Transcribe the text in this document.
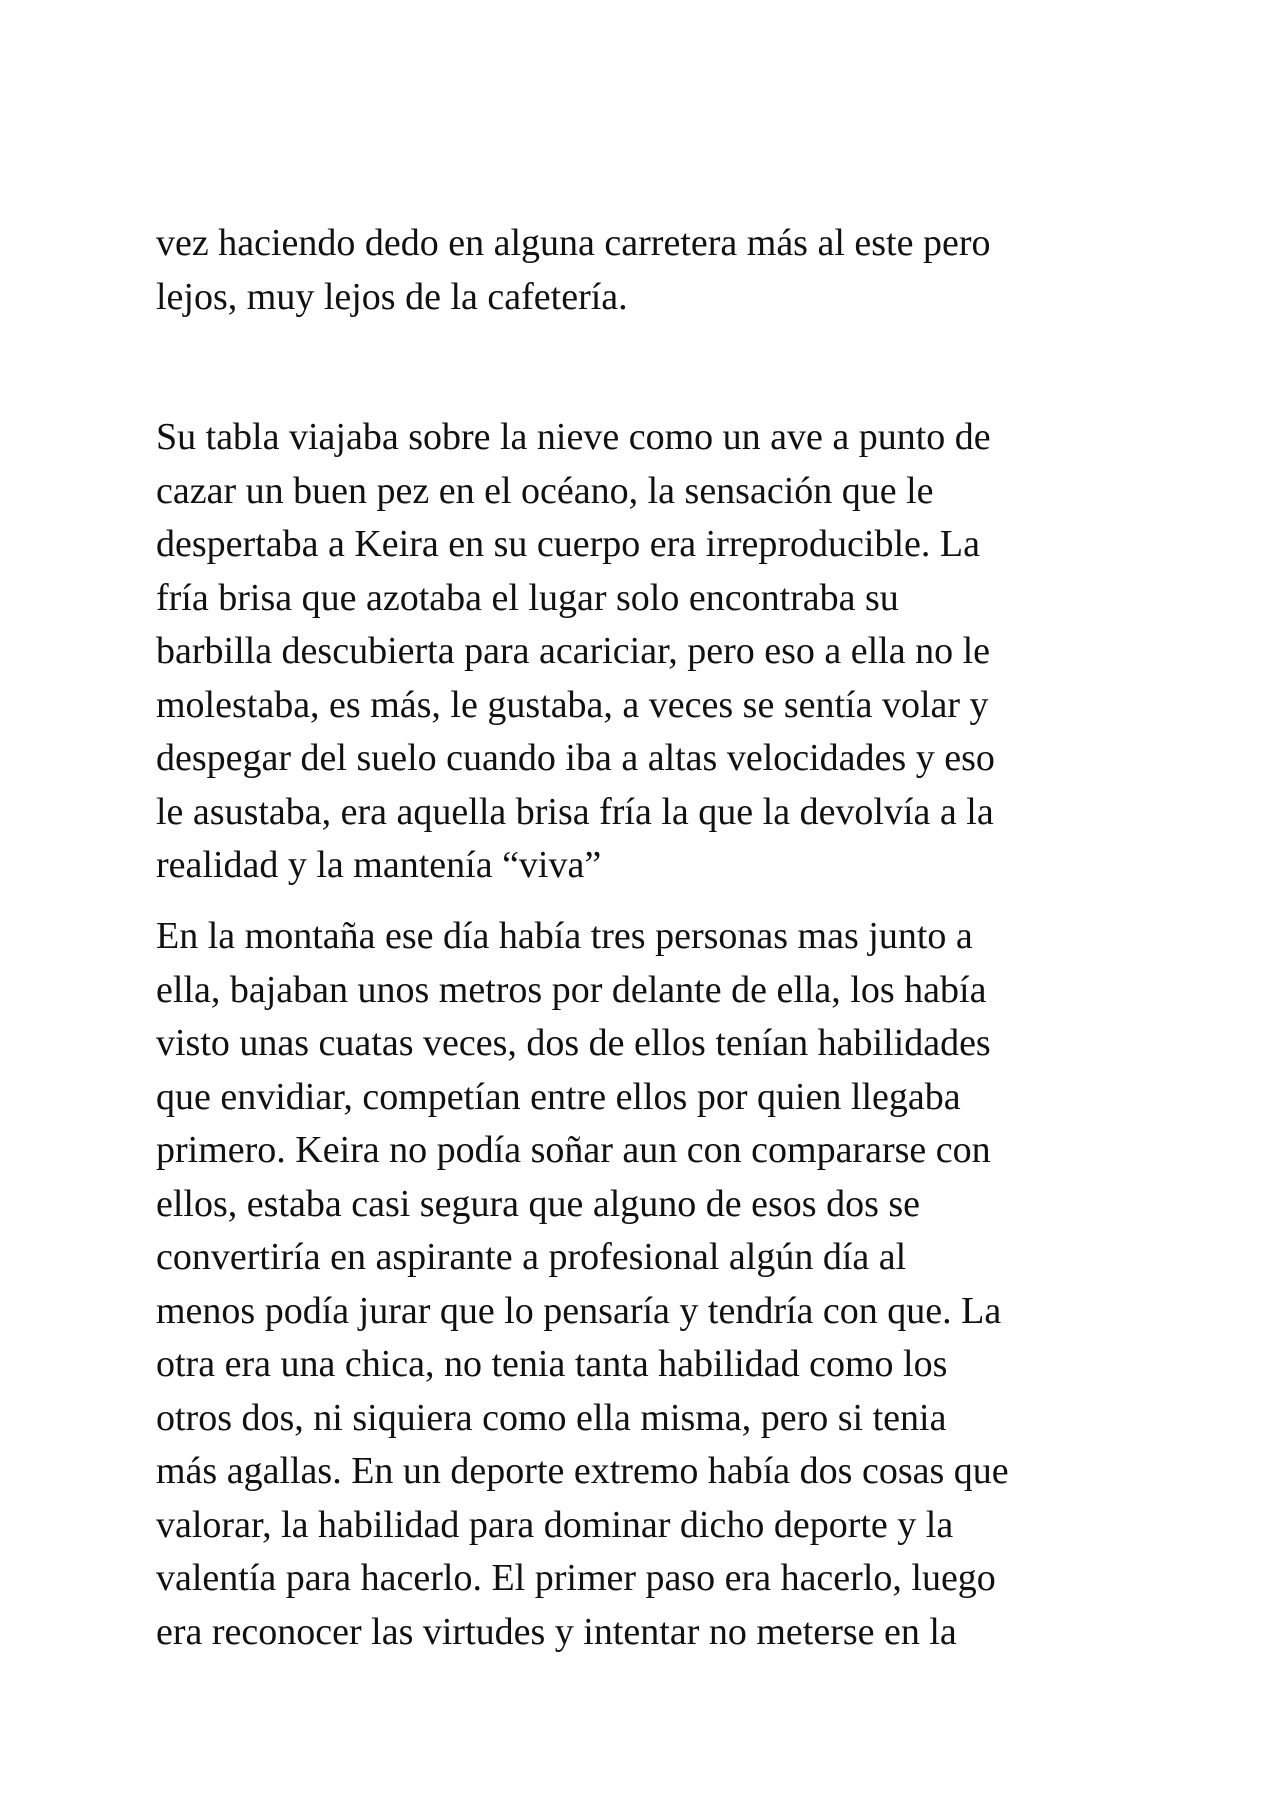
vez haciendo dedo en alguna carretera más al este pero
lejos, muy lejos de la cafetería.
Su tabla viajaba sobre la nieve como un ave a punto de
cazar un buen pez en el océano, la sensación que le
despertaba a Keira en su cuerpo era irreproducible. La
fría brisa que azotaba el lugar solo encontraba su
barbilla descubierta para acariciar, pero eso a ella no le
molestaba, es más, le gustaba, a veces se sentía volar y
despegar del suelo cuando iba a altas velocidades y eso
le asustaba, era aquella brisa fría la que la devolvía a la
realidad y la mantenía “viva”
En la montaña ese día había tres personas mas junto a
ella, bajaban unos metros por delante de ella, los había
visto unas cuatas veces, dos de ellos tenían habilidades
que envidiar, competían entre ellos por quien llegaba
primero. Keira no podía soñar aun con compararse con
ellos, estaba casi segura que alguno de esos dos se
convertiría en aspirante a profesional algún día al
menos podía jurar que lo pensaría y tendría con que. La
otra era una chica, no tenia tanta habilidad como los
otros dos, ni siquiera como ella misma, pero si tenia
más agallas. En un deporte extremo había dos cosas que
valorar, la habilidad para dominar dicho deporte y la
valentía para hacerlo. El primer paso era hacerlo, luego
era reconocer las virtudes y intentar no meterse en la
